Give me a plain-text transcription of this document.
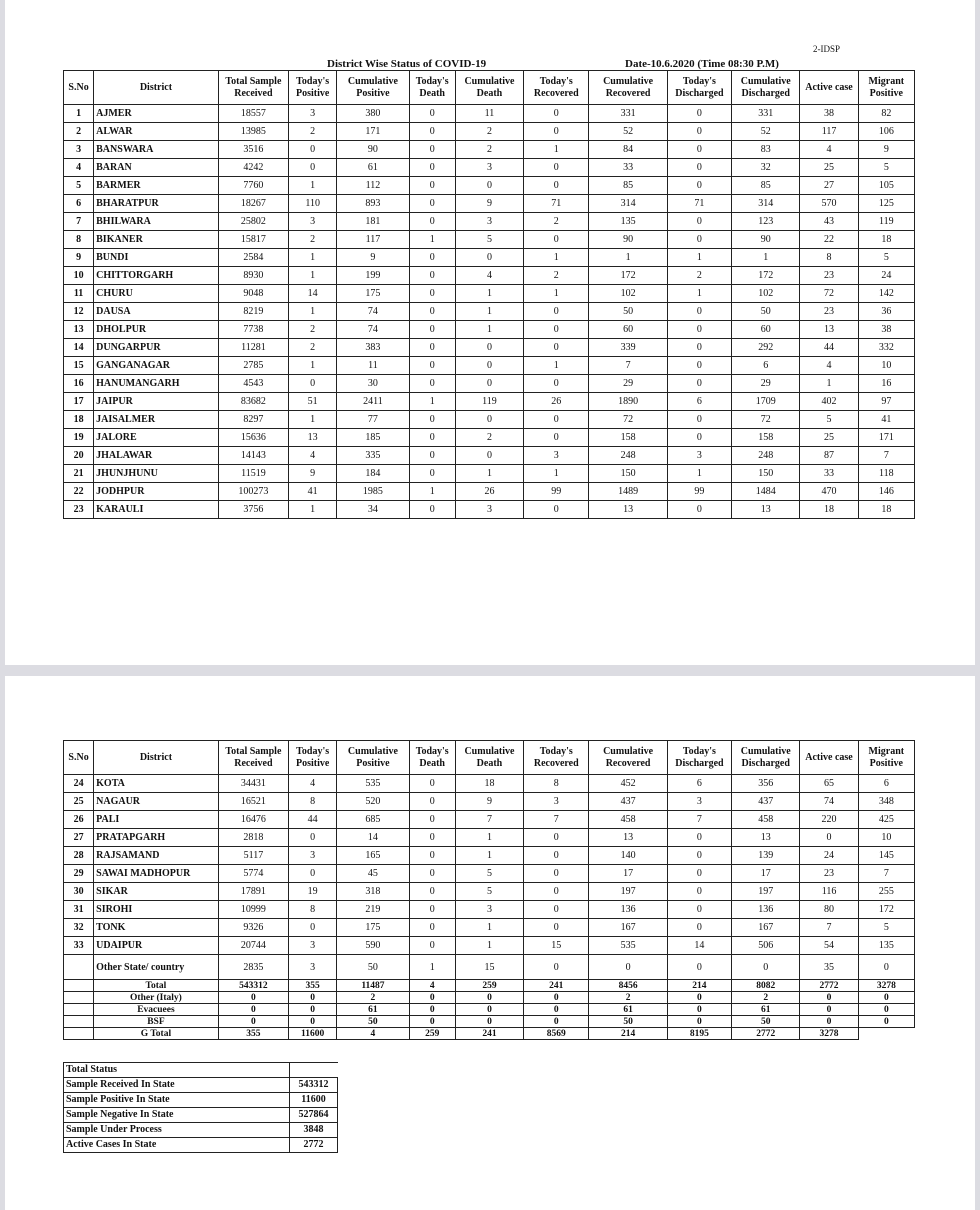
2-IDSP
District Wise Status of COVID-19	Date-10.6.2020 (Time 08:30 P.M)
S.No	District	Total Sample Received	Today's Positive	Cumulative Positive	Today's Death	Cumulative Death	Today's Recovered	Cumulative Recovered	Today's Discharged	Cumulative Discharged	Active case	Migrant Positive
1	AJMER	18557	3	380	0	11	0	331	0	331	38	82
2	ALWAR	13985	2	171	0	2	0	52	0	52	117	106
3	BANSWARA	3516	0	90	0	2	1	84	0	83	4	9
4	BARAN	4242	0	61	0	3	0	33	0	32	25	5
5	BARMER	7760	1	112	0	0	0	85	0	85	27	105
6	BHARATPUR	18267	110	893	0	9	71	314	71	314	570	125
7	BHILWARA	25802	3	181	0	3	2	135	0	123	43	119
8	BIKANER	15817	2	117	1	5	0	90	0	90	22	18
9	BUNDI	2584	1	9	0	0	1	1	1	1	8	5
10	CHITTORGARH	8930	1	199	0	4	2	172	2	172	23	24
11	CHURU	9048	14	175	0	1	1	102	1	102	72	142
12	DAUSA	8219	1	74	0	1	0	50	0	50	23	36
13	DHOLPUR	7738	2	74	0	1	0	60	0	60	13	38
14	DUNGARPUR	11281	2	383	0	0	0	339	0	292	44	332
15	GANGANAGAR	2785	1	11	0	0	1	7	0	6	4	10
16	HANUMANGARH	4543	0	30	0	0	0	29	0	29	1	16
17	JAIPUR	83682	51	2411	1	119	26	1890	6	1709	402	97
18	JAISALMER	8297	1	77	0	0	0	72	0	72	5	41
19	JALORE	15636	13	185	0	2	0	158	0	158	25	171
20	JHALAWAR	14143	4	335	0	0	3	248	3	248	87	7
21	JHUNJHUNU	11519	9	184	0	1	1	150	1	150	33	118
22	JODHPUR	100273	41	1985	1	26	99	1489	99	1484	470	146
23	KARAULI	3756	1	34	0	3	0	13	0	13	18	18
S.No	District	Total Sample Received	Today's Positive	Cumulative Positive	Today's Death	Cumulative Death	Today's Recovered	Cumulative Recovered	Today's Discharged	Cumulative Discharged	Active case	Migrant Positive
24	KOTA	34431	4	535	0	18	8	452	6	356	65	6
25	NAGAUR	16521	8	520	0	9	3	437	3	437	74	348
26	PALI	16476	44	685	0	7	7	458	7	458	220	425
27	PRATAPGARH	2818	0	14	0	1	0	13	0	13	0	10
28	RAJSAMAND	5117	3	165	0	1	0	140	0	139	24	145
29	SAWAI MADHOPUR	5774	0	45	0	5	0	17	0	17	23	7
30	SIKAR	17891	19	318	0	5	0	197	0	197	116	255
31	SIROHI	10999	8	219	0	3	0	136	0	136	80	172
32	TONK	9326	0	175	0	1	0	167	0	167	7	5
33	UDAIPUR	20744	3	590	0	1	15	535	14	506	54	135
	Other State/ country	2835	3	50	1	15	0	0	0	0	35	0
	Total	543312	355	11487	4	259	241	8456	214	8082	2772	3278
	Other (Italy)	0	0	2	0	0	0	2	0	2	0	0
	Evacuees	0	0	61	0	0	0	61	0	61	0	0
	BSF	0	0	50	0	0	0	50	0	50	0	0
	G Total	355	11600	4	259	241	8569	214	8195	2772	3278	
Total Status	
Sample Received In State	543312
Sample Positive In State	11600
Sample Negative In State	527864
Sample Under Process	3848
Active Cases In State	2772
